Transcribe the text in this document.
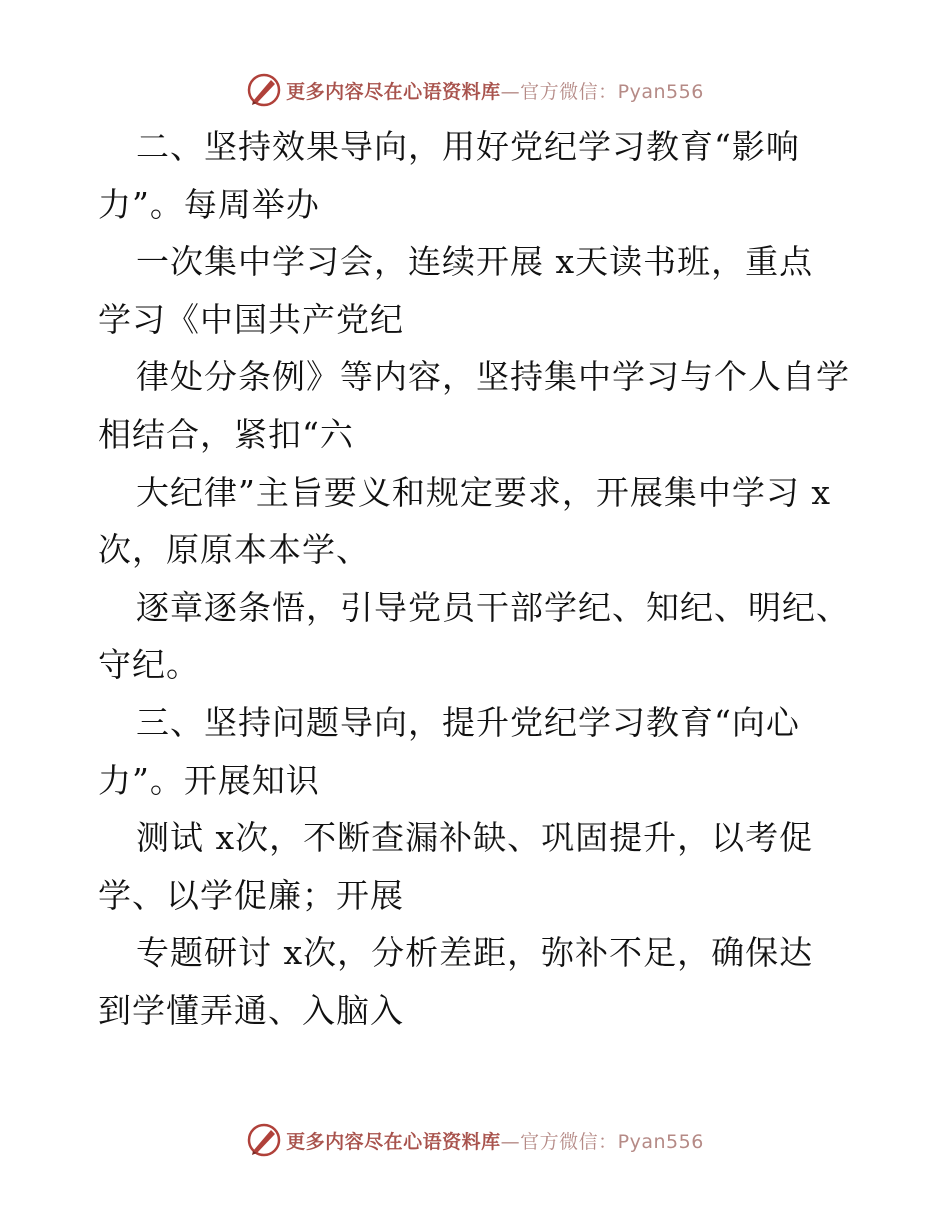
更多内容尽在心语资料库—官方微信：Pyan556
二、坚持效果导向，用好党纪学习教育“影响
力”。每周举办
一次集中学习会，连续开展 x天读书班，重点
学习《中国共产党纪
律处分条例》等内容，坚持集中学习与个人自学
相结合，紧扣“六
大纪律”主旨要义和规定要求，开展集中学习 x
次，原原本本学、
逐章逐条悟，引导党员干部学纪、知纪、明纪、
守纪。
三、坚持问题导向，提升党纪学习教育“向心
力”。开展知识
测试 x次，不断查漏补缺、巩固提升，以考促
学、以学促廉；开展
专题研讨 x次，分析差距，弥补不足，确保达
到学懂弄通、入脑入
更多内容尽在心语资料库—官方微信：Pyan556
